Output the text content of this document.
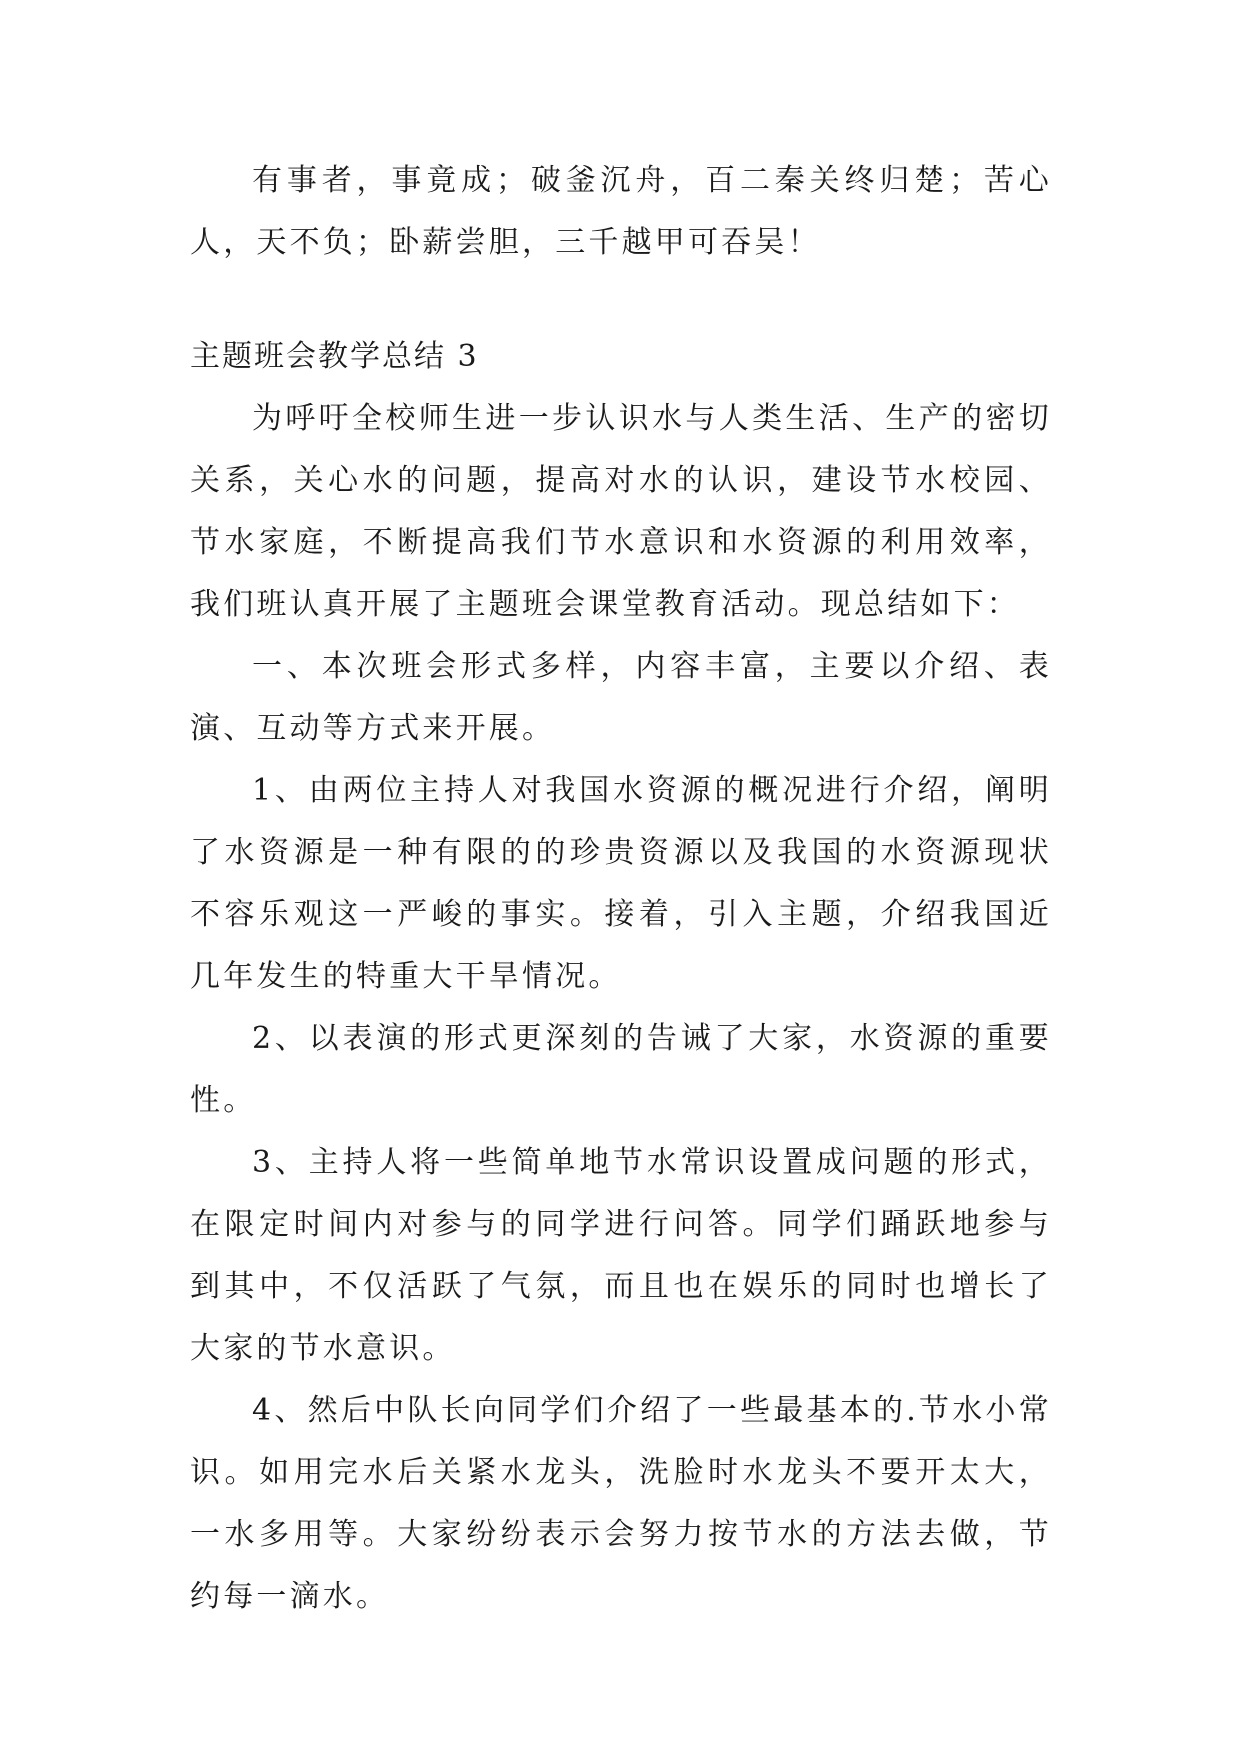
有事者，事竟成；破釜沉舟，百二秦关终归楚；苦心人，天不负；卧薪尝胆，三千越甲可吞吴！

主题班会教学总结 3

为呼吁全校师生进一步认识水与人类生活、生产的密切关系，关心水的问题，提高对水的认识，建设节水校园、节水家庭，不断提高我们节水意识和水资源的利用效率，我们班认真开展了主题班会课堂教育活动。现总结如下：

一、本次班会形式多样，内容丰富，主要以介绍、表演、互动等方式来开展。

1、由两位主持人对我国水资源的概况进行介绍，阐明了水资源是一种有限的的珍贵资源以及我国的水资源现状不容乐观这一严峻的事实。接着，引入主题，介绍我国近几年发生的特重大干旱情况。

2、以表演的形式更深刻的告诫了大家，水资源的重要性。

3、主持人将一些简单地节水常识设置成问题的形式，在限定时间内对参与的同学进行问答。同学们踊跃地参与到其中，不仅活跃了气氛，而且也在娱乐的同时也增长了大家的节水意识。

4、然后中队长向同学们介绍了一些最基本的.节水小常识。如用完水后关紧水龙头，洗脸时水龙头不要开太大，一水多用等。大家纷纷表示会努力按节水的方法去做，节约每一滴水。
